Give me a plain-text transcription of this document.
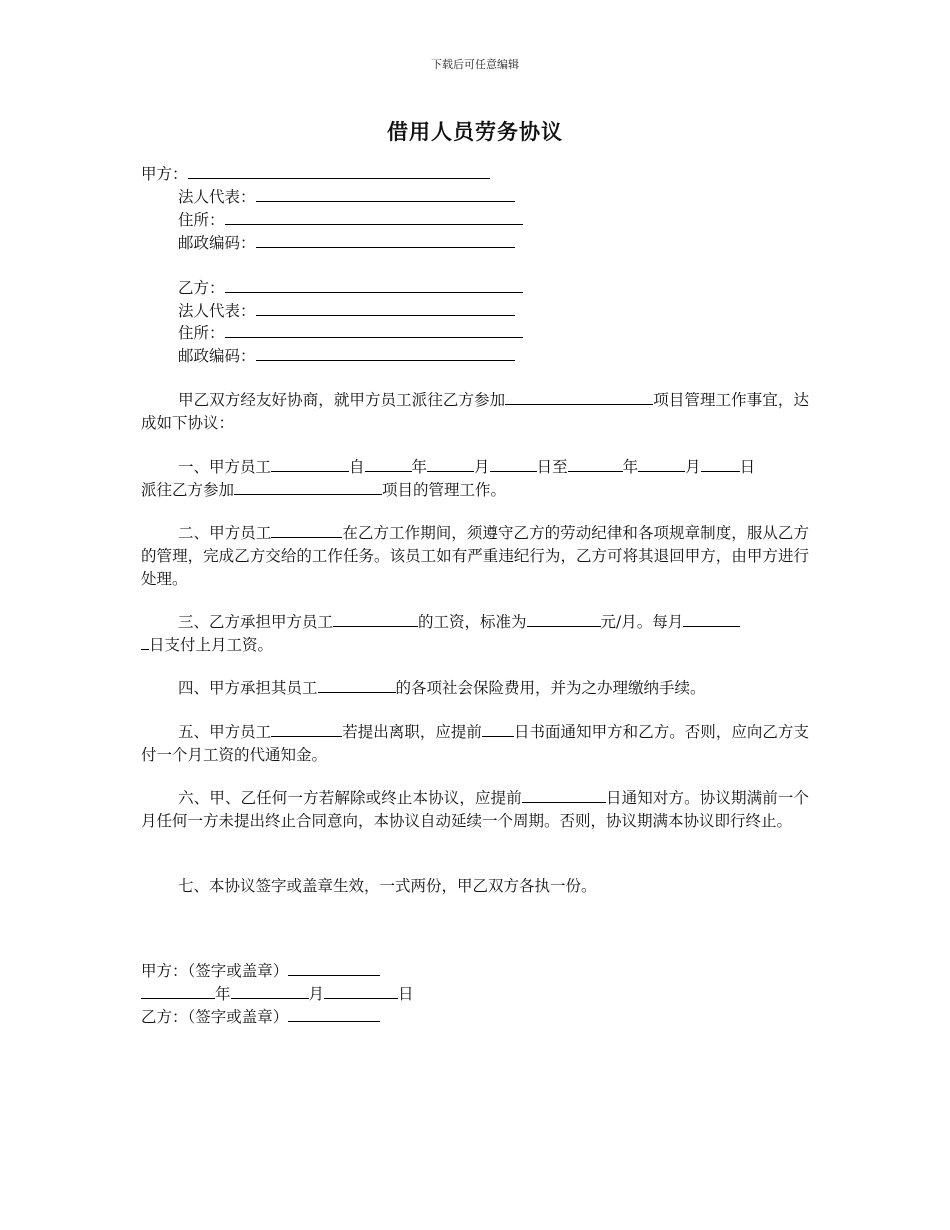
下载后可任意编辑
借用人员劳务协议
甲方：
法人代表：
住所：
邮政编码：
乙方：
法人代表：
住所：
邮政编码：
甲乙双方经友好协商，就甲方员工派往乙方参加	项目管理工作事宜，达成如下协议：
一、甲方员工	自	年	月	日至	年	月	日
派往乙方参加	项目的管理工作。
二、甲方员工	在乙方工作期间，须遵守乙方的劳动纪律和各项规章制度，服从乙方的管理，完成乙方交给的工作任务。该员工如有严重违纪行为，乙方可将其退回甲方，由甲方进行处理。
三、乙方承担甲方员工	的工资，标准为	元/月。每月
日支付上月工资。
四、甲方承担其员工	的各项社会保险费用，并为之办理缴纳手续。
五、甲方员工	若提出离职，应提前 日书面通知甲方和乙方。否则，应向乙方支付一个月工资的代通知金。
六、甲、乙任何一方若解除或终止本协议，应提前	日通知对方。协议期满前一个月任何一方未提出终止合同意向，本协议自动延续一个周期。否则，协议期满本协议即行终止。
七、本协议签字或盖章生效，一式两份，甲乙双方各执一份。
甲方：（签字或盖章）
年	月	日
乙方：（签字或盖章）
